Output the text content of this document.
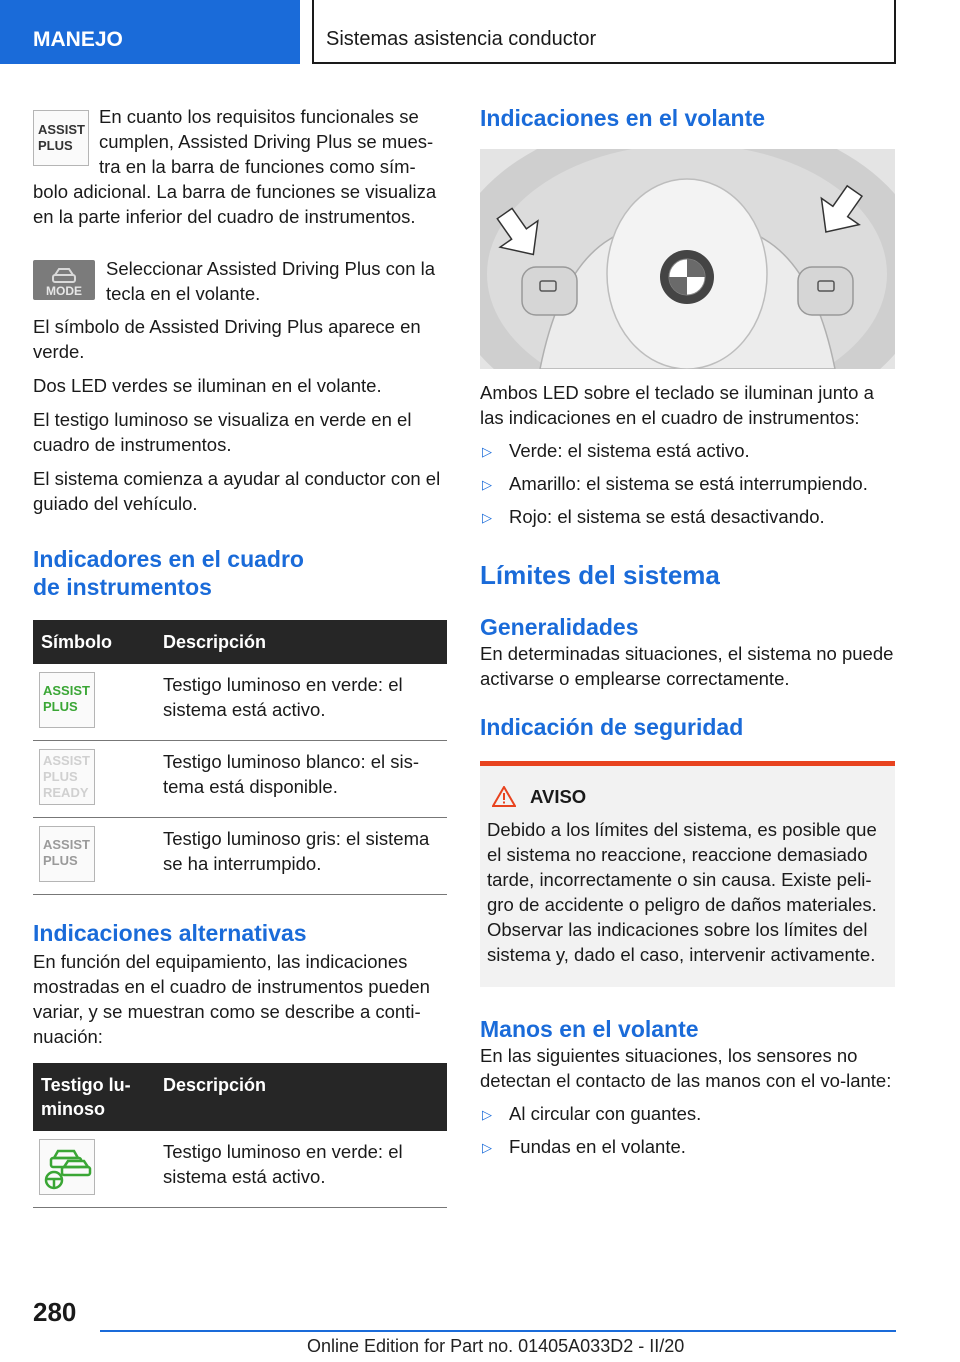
MANEJO	Sistemas asistencia conductor
ASSIST
PLUS

En cuanto los requisitos funcionales se cumplen, Assisted Driving Plus se mues-tra en la barra de funciones como sím-bolo adicional. La barra de funciones se visualiza en la parte inferior del cuadro de instrumentos.

MODE

Seleccionar Assisted Driving Plus con la tecla en el volante.

El símbolo de Assisted Driving Plus aparece en verde.

Dos LED verdes se iluminan en el volante.

El testigo luminoso se visualiza en verde en el cuadro de instrumentos.

El sistema comienza a ayudar al conductor con el guiado del vehículo.

Indicadores en el cuadro de instrumentos
Símbolo	Descripción

ASSIST
PLUS	Testigo luminoso en verde: el sistema está activo.

ASSIST
PLUS
READY	Testigo luminoso blanco: el sis-tema está disponible.

ASSIST
PLUS	Testigo luminoso gris: el sistema se ha interrumpido.
Indicaciones alternativas

En función del equipamiento, las indicaciones mostradas en el cuadro de instrumentos pueden variar, y se muestran como se describe a conti-nuación:

Testigo lu-minoso	Descripción

	Testigo luminoso en verde: el sistema está activo.
Indicaciones en el volante

Ambos LED sobre el teclado se iluminan junto a las indicaciones en el cuadro de instrumentos:

▷ Verde: el sistema está activo.
▷ Amarillo: el sistema se está interrumpiendo.
▷ Rojo: el sistema se está desactivando.
Límites del sistema
Generalidades

En determinadas situaciones, el sistema no puede activarse o emplearse correctamente.

Indicación de seguridad
AVISO

Debido a los límites del sistema, es posible que el sistema no reaccione, reaccione demasiado tarde, incorrectamente o sin causa. Existe peli-gro de accidente o peligro de daños materiales. Observar las indicaciones sobre los límites del sistema y, dado el caso, intervenir activamente.

Manos en el volante

En las siguientes situaciones, los sensores no detectan el contacto de las manos con el vo-lante:

▷ Al circular con guantes.
▷ Fundas en el volante.
280
Online Edition for Part no. 01405A033D2 - II/20
